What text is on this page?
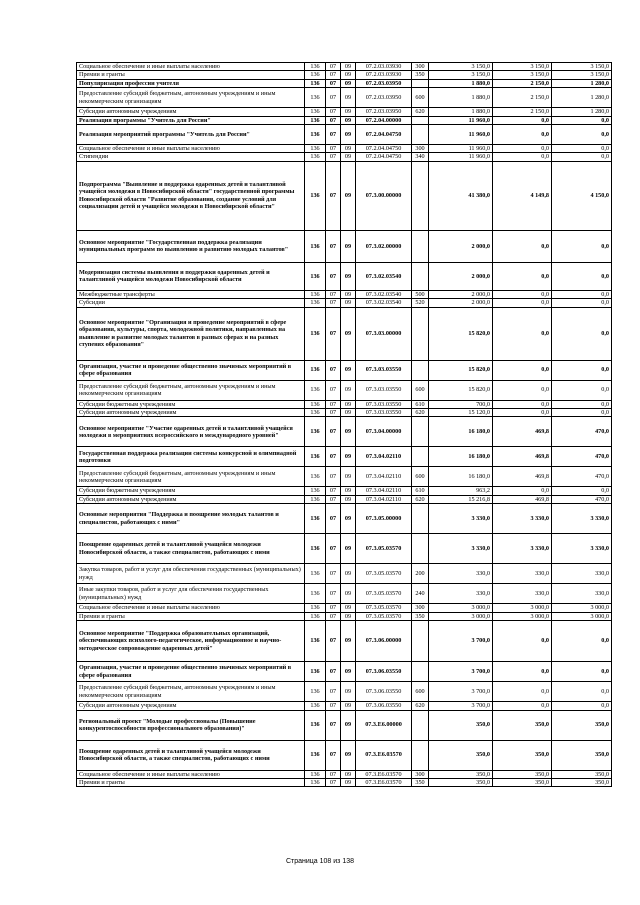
Социальное обеспечение и иные выплаты населению	136	07	09	07.2.03.03930	300	3 150,0	3 150,0	3 150,0
Премии и гранты	136	07	09	07.2.03.03930	350	3 150,0	3 150,0	3 150,0
Популяризация профессии учителя	136	07	09	07.2.03.03950		1 880,0	2 150,0	1 280,0
Предоставление субсидий бюджетным, автономным учреждениям и иным некоммерческим организациям	136	07	09	07.2.03.03950	600	1 880,0	2 150,0	1 280,0
Субсидии автономным учреждениям	136	07	09	07.2.03.03950	620	1 880,0	2 150,0	1 280,0
Реализация программы "Учитель для России"	136	07	09	07.2.04.00000		11 960,0	0,0	0,0
Реализация мероприятий программы "Учитель для России"	136	07	09	07.2.04.04750		11 960,0	0,0	0,0
Социальное обеспечение и иные выплаты населению	136	07	09	07.2.04.04750	300	11 960,0	0,0	0,0
Стипендии	136	07	09	07.2.04.04750	340	11 960,0	0,0	0,0
Подпрограмма "Выявление и поддержка одаренных детей и талантливой учащейся молодежи в Новосибирской области" государственной программы Новосибирской области "Развитие образования, создание условий для социализации детей и учащейся молодежи в Новосибирской области"	136	07	09	07.3.00.00000		41 380,0	4 149,8	4 150,0
Основное мероприятие "Государственная поддержка реализации муниципальных программ по выявлению и развитию молодых талантов"	136	07	09	07.3.02.00000		2 000,0	0,0	0,0
Модернизация системы выявления и поддержки одаренных детей и талантливой учащейся молодежи Новосибирской области	136	07	09	07.3.02.03540		2 000,0	0,0	0,0
Межбюджетные трансферты	136	07	09	07.3.02.03540	500	2 000,0	0,0	0,0
Субсидии	136	07	09	07.3.02.03540	520	2 000,0	0,0	0,0
Основное мероприятие "Организация и проведение мероприятий в сфере образования, культуры, спорта, молодежной политики, направленных на выявление и развитие молодых талантов в разных сферах и на разных ступенях образования"	136	07	09	07.3.03.00000		15 820,0	0,0	0,0
Организация, участие и проведение общественно значимых мероприятий в сфере образования	136	07	09	07.3.03.03550		15 820,0	0,0	0,0
Предоставление субсидий бюджетным, автономным учреждениям и иным некоммерческим организациям	136	07	09	07.3.03.03550	600	15 820,0	0,0	0,0
Субсидии бюджетным учреждениям	136	07	09	07.3.03.03550	610	700,0	0,0	0,0
Субсидии автономным учреждениям	136	07	09	07.3.03.03550	620	15 120,0	0,0	0,0
Основное мероприятие "Участие одаренных детей и талантливой учащейся молодежи в мероприятиях всероссийского и международного уровней"	136	07	09	07.3.04.00000		16 180,0	469,8	470,0
Государственная поддержка реализации системы конкурсной и олимпиадной подготовки	136	07	09	07.3.04.02110		16 180,0	469,8	470,0
Предоставление субсидий бюджетным, автономным учреждениям и иным некоммерческим организациям	136	07	09	07.3.04.02110	600	16 180,0	469,8	470,0
Субсидии бюджетным учреждениям	136	07	09	07.3.04.02110	610	963,2	0,0	0,0
Субсидии автономным учреждениям	136	07	09	07.3.04.02110	620	15 216,8	469,8	470,0
Основные мероприятия "Поддержка и поощрение молодых талантов и специалистов, работающих с ними"	136	07	09	07.3.05.00000		3 330,0	3 330,0	3 330,0
Поощрение одаренных детей и талантливой учащейся молодежи Новосибирской области, а также специалистов, работающих с ними	136	07	09	07.3.05.03570		3 330,0	3 330,0	3 330,0
Закупка товаров, работ и услуг для обеспечения государственных (муниципальных) нужд	136	07	09	07.3.05.03570	200	330,0	330,0	330,0
Иные закупки товаров, работ и услуг для обеспечения государственных (муниципальных) нужд	136	07	09	07.3.05.03570	240	330,0	330,0	330,0
Социальное обеспечение и иные выплаты населению	136	07	09	07.3.05.03570	300	3 000,0	3 000,0	3 000,0
Премии и гранты	136	07	09	07.3.05.03570	350	3 000,0	3 000,0	3 000,0
Основное мероприятие "Поддержка образовательных организаций, обеспечивающих психолого-педагогическое, информационное и научно-методическое сопровождение одаренных детей"	136	07	09	07.3.06.00000		3 700,0	0,0	0,0
Организация, участие и проведение общественно значимых мероприятий в сфере образования	136	07	09	07.3.06.03550		3 700,0	0,0	0,0
Предоставление субсидий бюджетным, автономным учреждениям и иным некоммерческим организациям	136	07	09	07.3.06.03550	600	3 700,0	0,0	0,0
Субсидии автономным учреждениям	136	07	09	07.3.06.03550	620	3 700,0	0,0	0,0
Региональный проект "Молодые профессионалы (Повышение конкурентоспособности профессионального образования)"	136	07	09	07.3.E6.00000		350,0	350,0	350,0
Поощрение одаренных детей и талантливой учащейся молодежи Новосибирской области, а также специалистов, работающих с ними	136	07	09	07.3.E6.03570		350,0	350,0	350,0
Социальное обеспечение и иные выплаты населению	136	07	09	07.3.E6.03570	300	350,0	350,0	350,0
Премии и гранты	136	07	09	07.3.E6.03570	350	350,0	350,0	350,0
Страница 108 из 138
